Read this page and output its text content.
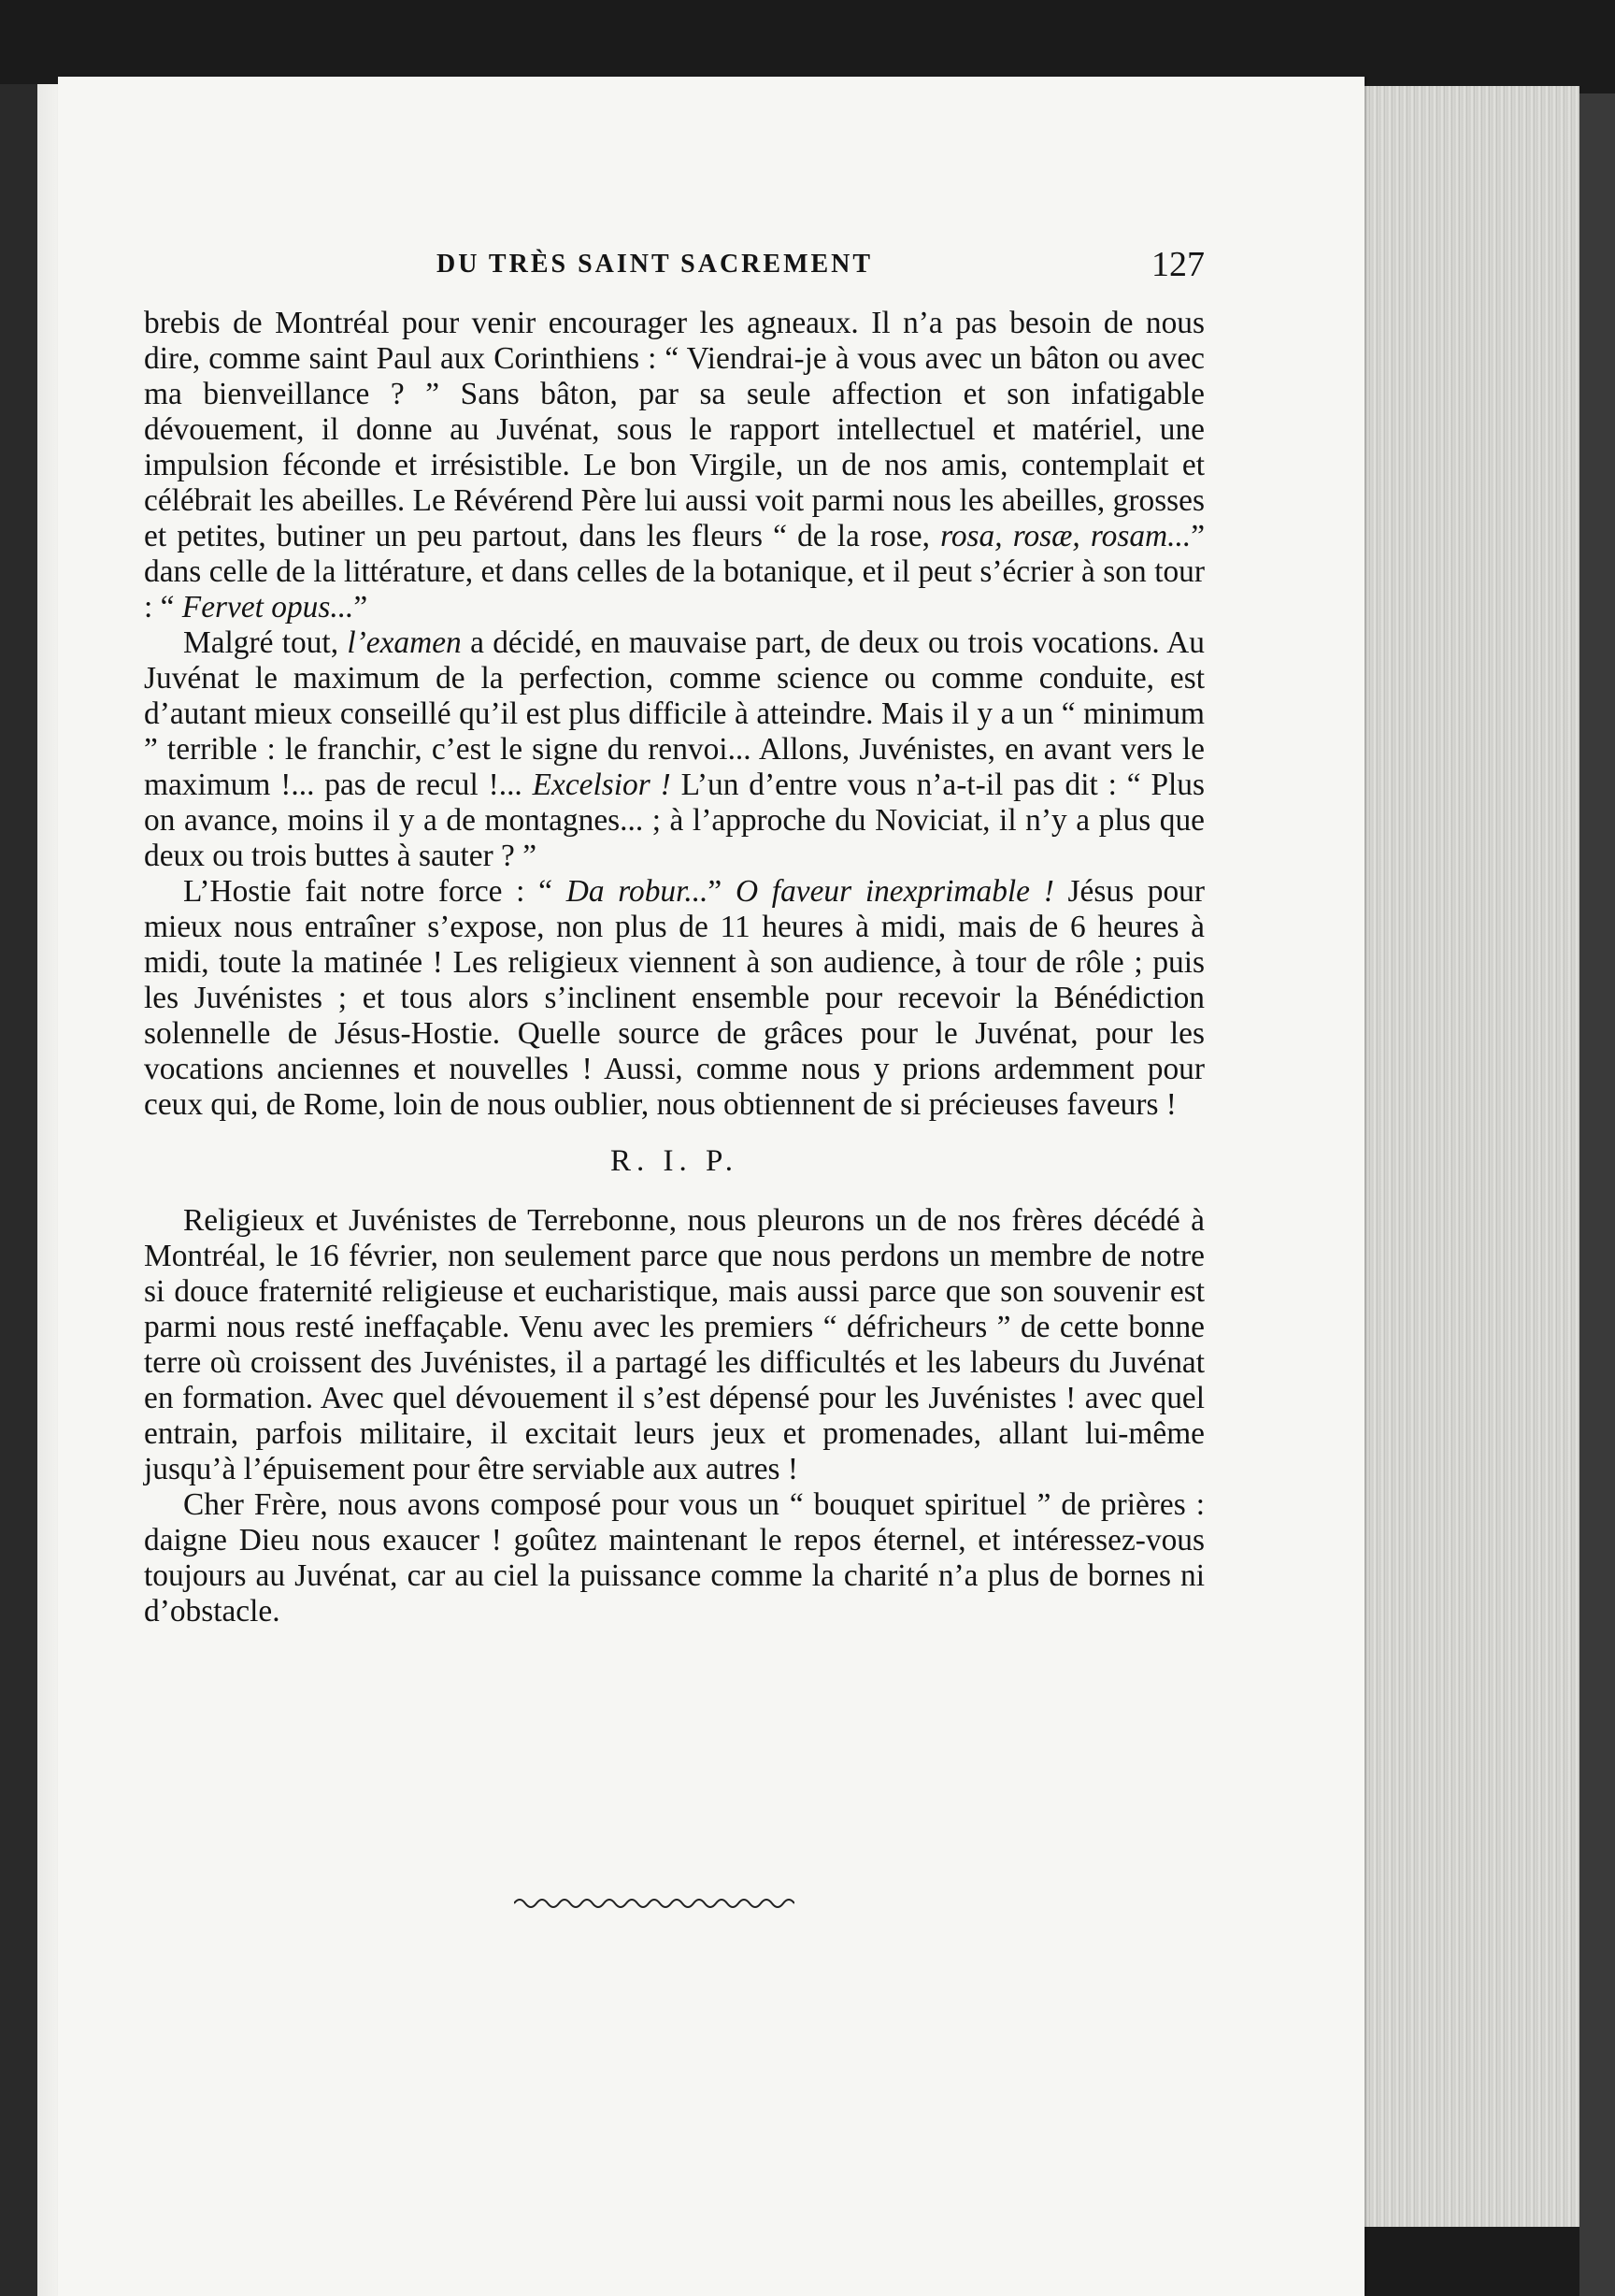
DU TRÈS SAINT SACREMENT	127

brebis de Montréal pour venir encourager les agneaux. Il n’a pas besoin de nous dire, comme saint Paul aux Corinthiens : “ Viendrai-je à vous avec un bâton ou avec ma bienveillance ? ” Sans bâton, par sa seule affection et son infatigable dévouement, il donne au Juvénat, sous le rapport intellectuel et matériel, une impulsion féconde et irrésistible. Le bon Virgile, un de nos amis, contemplait et célébrait les abeilles. Le Révérend Père lui aussi voit parmi nous les abeilles, grosses et petites, butiner un peu partout, dans les fleurs “ de la rose, rosa, rosæ, rosam...” dans celle de la littérature, et dans celles de la botanique, et il peut s’écrier à son tour : “ Fervet opus...”

Malgré tout, l’examen a décidé, en mauvaise part, de deux ou trois vocations. Au Juvénat le maximum de la perfection, comme science ou comme conduite, est d’autant mieux conseillé qu’il est plus difficile à atteindre. Mais il y a un “ minimum ” terrible : le franchir, c’est le signe du renvoi... Allons, Juvénistes, en avant vers le maximum !... pas de recul !... Excelsior ! L’un d’entre vous n’a-t-il pas dit : “ Plus on avance, moins il y a de montagnes... ; à l’approche du Noviciat, il n’y a plus que deux ou trois buttes à sauter ? ”

L’Hostie fait notre force : “ Da robur...” O faveur inexprimable ! Jésus pour mieux nous entraîner s’expose, non plus de 11 heures à midi, mais de 6 heures à midi, toute la matinée ! Les religieux viennent à son audience, à tour de rôle ; puis les Juvénistes ; et tous alors s’inclinent ensemble pour recevoir la Bénédiction solennelle de Jésus-Hostie. Quelle source de grâces pour le Juvénat, pour les vocations anciennes et nouvelles ! Aussi, comme nous y prions ardemment pour ceux qui, de Rome, loin de nous oublier, nous obtiennent de si précieuses faveurs !

R. I. P.

Religieux et Juvénistes de Terrebonne, nous pleurons un de nos frères décédé à Montréal, le 16 février, non seulement parce que nous perdons un membre de notre si douce fraternité religieuse et eucharistique, mais aussi parce que son souvenir est parmi nous resté ineffaçable. Venu avec les premiers “ défricheurs ” de cette bonne terre où croissent des Juvénistes, il a partagé les difficultés et les labeurs du Juvénat en formation. Avec quel dévouement il s’est dépensé pour les Juvénistes ! avec quel entrain, parfois militaire, il excitait leurs jeux et promenades, allant lui-même jusqu’à l’épuisement pour être serviable aux autres !

Cher Frère, nous avons composé pour vous un “ bouquet spirituel ” de prières : daigne Dieu nous exaucer ! goûtez maintenant le repos éternel, et intéressez-vous toujours au Juvénat, car au ciel la puissance comme la charité n’a plus de bornes ni d’obstacle.
